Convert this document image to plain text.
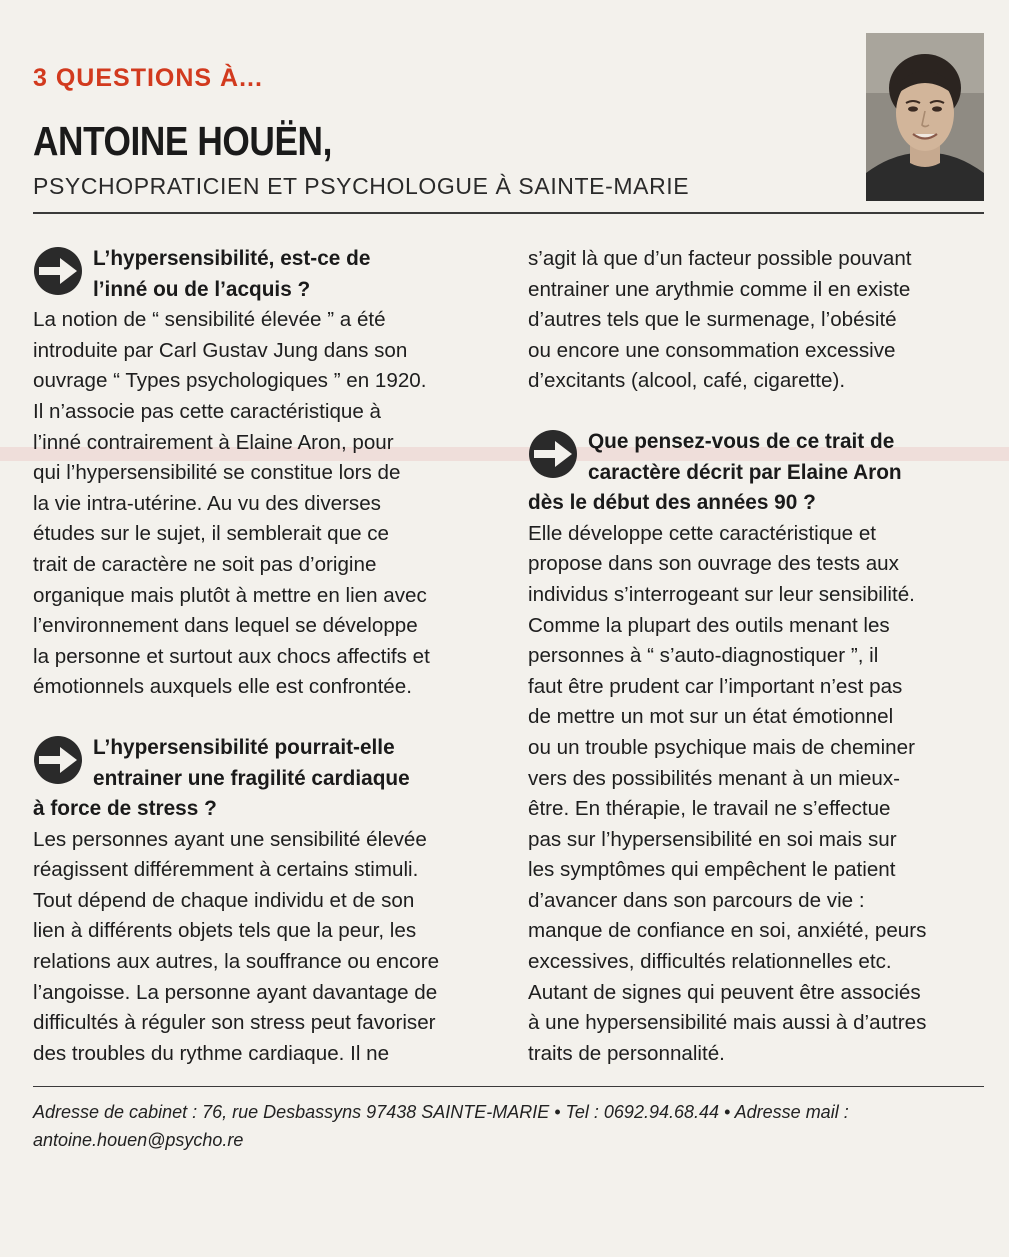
3 QUESTIONS À...
ANTOINE HOUËN,
PSYCHOPRATICIEN ET PSYCHOLOGUE À SAINTE-MARIE
L’hypersensibilité, est-ce de
l’inné ou de l’acquis ?
La notion de “ sensibilité élevée ” a été
introduite par Carl Gustav Jung dans son
ouvrage “ Types psychologiques ” en 1920.
Il n’associe pas cette caractéristique à
l’inné contrairement à Elaine Aron, pour
qui l’hypersensibilité se constitue lors de
la vie intra-utérine. Au vu des diverses
études sur le sujet, il semblerait que ce
trait de caractère ne soit pas d’origine
organique mais plutôt à mettre en lien avec
l’environnement dans lequel se développe
la personne et surtout aux chocs affectifs et
émotionnels auxquels elle est confrontée.
L’hypersensibilité pourrait-elle
entrainer une fragilité cardiaque
à force de stress ?
Les personnes ayant une sensibilité élevée
réagissent différemment à certains stimuli.
Tout dépend de chaque individu et de son
lien à différents objets tels que la peur, les
relations aux autres, la souffrance ou encore
l’angoisse. La personne ayant davantage de
difficultés à réguler son stress peut favoriser
des troubles du rythme cardiaque. Il ne
s’agit là que d’un facteur possible pouvant
entrainer une arythmie comme il en existe
d’autres tels que le surmenage, l’obésité
ou encore une consommation excessive
d’excitants (alcool, café, cigarette).
Que pensez-vous de ce trait de
caractère décrit par Elaine Aron
dès le début des années 90 ?
Elle développe cette caractéristique et
propose dans son ouvrage des tests aux
individus s’interrogeant sur leur sensibilité.
Comme la plupart des outils menant les
personnes à “ s’auto-diagnostiquer ”, il
faut être prudent car l’important n’est pas
de mettre un mot sur un état émotionnel
ou un trouble psychique mais de cheminer
vers des possibilités menant à un mieux-
être. En thérapie, le travail ne s’effectue
pas sur l’hypersensibilité en soi mais sur
les symptômes qui empêchent le patient
d’avancer dans son parcours de vie :
manque de confiance en soi, anxiété, peurs
excessives, difficultés relationnelles etc.
Autant de signes qui peuvent être associés
à une hypersensibilité mais aussi à d’autres
traits de personnalité.
Adresse de cabinet : 76, rue Desbassyns 97438 SAINTE-MARIE • Tel : 0692.94.68.44 • Adresse mail :
antoine.houen@psycho.re
